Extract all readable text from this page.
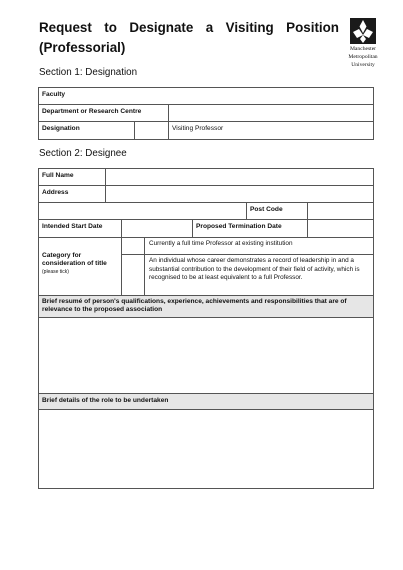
Request to Designate a Visiting Position
(Professorial)	Manchester
Metropolitan
University
Section 1: Designation
Faculty
Department or Research Centre
Designation	Visiting Professor
Section 2: Designee
Full Name
Address
Post Code
Intended Start Date	Proposed Termination Date
Category for consideration of title
(please tick)
Currently a full time Professor at existing institution
An individual whose career demonstrates a record of leadership in and a substantial contribution to the development of their field of activity, which is recognised to be at least equivalent to a full Professor.
Brief resumé of person's qualifications, experience, achievements and responsibilities that are of relevance to the proposed association
Brief details of the role to be undertaken
